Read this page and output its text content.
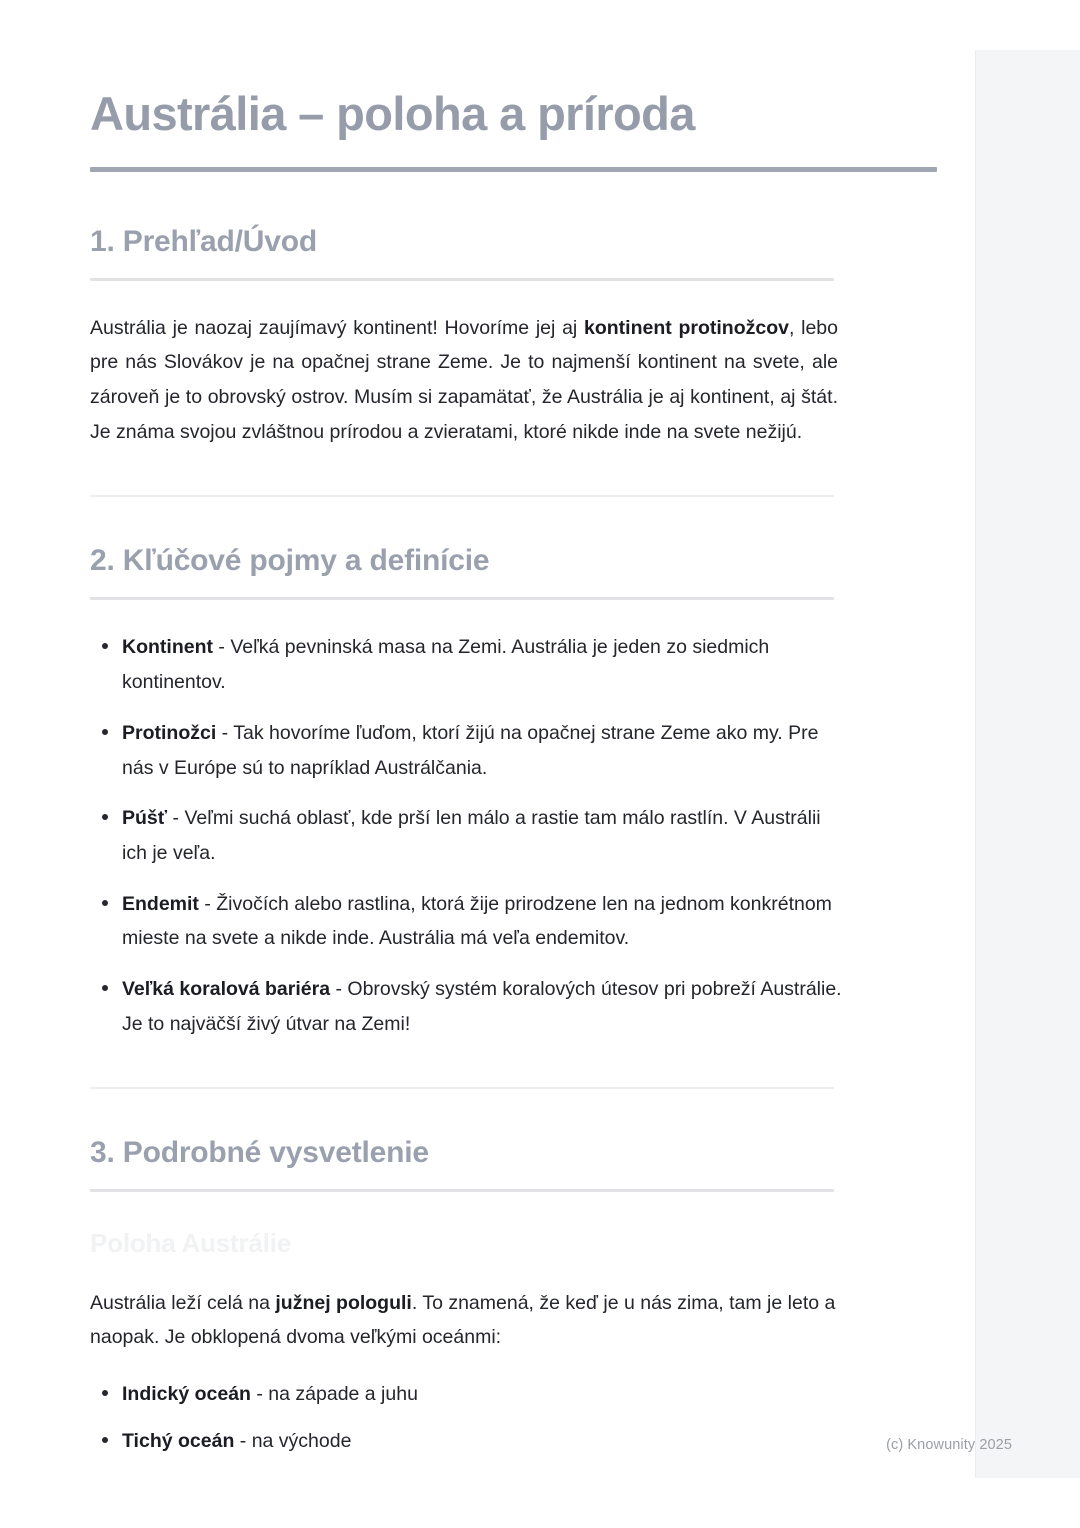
Austrália – poloha a príroda
1. Prehľad/Úvod

Austrália je naozaj zaujímavý kontinent! Hovoríme jej aj kontinent protinožcov, lebo pre nás Slovákov je na opačnej strane Zeme. Je to najmenší kontinent na svete, ale zároveň je to obrovský ostrov. Musím si zapamätať, že Austrália je aj kontinent, aj štát. Je známa svojou zvláštnou prírodou a zvieratami, ktoré nikde inde na svete nežijú.

2. Kľúčové pojmy a definície
Kontinent - Veľká pevninská masa na Zemi. Austrália je jeden zo siedmich kontinentov.
Protinožci - Tak hovoríme ľuďom, ktorí žijú na opačnej strane Zeme ako my. Pre nás v Európe sú to napríklad Austrálčania.
Púšť - Veľmi suchá oblasť, kde prší len málo a rastie tam málo rastlín. V Austrálii ich je veľa.
Endemit - Živočích alebo rastlina, ktorá žije prirodzene len na jednom konkrétnom mieste na svete a nikde inde. Austrália má veľa endemitov.
Veľká koralová bariéra - Obrovský systém koralových útesov pri pobreží Austrálie. Je to najväčší živý útvar na Zemi!
3. Podrobné vysvetlenie
Poloha Austrálie

Austrália leží celá na južnej pologuli. To znamená, že keď je u nás zima, tam je leto a naopak. Je obklopená dvoma veľkými oceánmi:

Indický oceán - na západe a juhu
Tichý oceán - na východe	(c) Knowunity 2025
